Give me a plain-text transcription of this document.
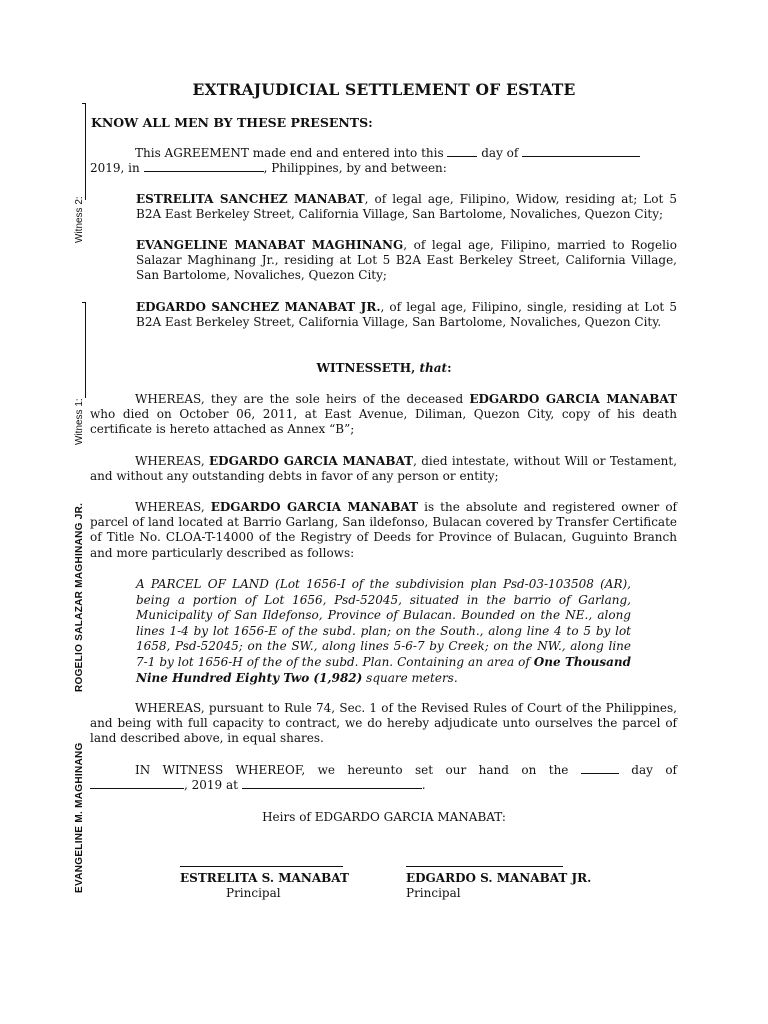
Witness 2:
Witness 1:
ROGELIO SALAZAR MAGHINANG JR.
EVANGELINE M. MAGHINANG
EXTRAJUDICIAL SETTLEMENT OF ESTATE
KNOW ALL MEN BY THESE PRESENTS:
This AGREEMENT made end and entered into this	day of
2019, in	, Philippines, by and between:
ESTRELITA SANCHEZ MANABAT, of legal age, Filipino, Widow, residing at; Lot 5 B2A East Berkeley Street, California Village, San Bartolome, Novaliches, Quezon City;
EVANGELINE MANABAT MAGHINANG, of legal age, Filipino, married to Rogelio Salazar Maghinang Jr., residing at Lot 5 B2A East Berkeley Street, California Village, San Bartolome, Novaliches, Quezon City;
EDGARDO SANCHEZ MANABAT JR., of legal age, Filipino, single, residing at Lot 5 B2A East Berkeley Street, California Village, San Bartolome, Novaliches, Quezon City.
WITNESSETH, that:
WHEREAS, they are the sole heirs of the deceased EDGARDO GARCIA MANABAT who died on October 06, 2011, at East Avenue, Diliman, Quezon City, copy of his death certificate is hereto attached as Annex “B”;
WHEREAS, EDGARDO GARCIA MANABAT, died intestate, without Will or Testament, and without any outstanding debts in favor of any person or entity;
WHEREAS, EDGARDO GARCIA MANABAT is the absolute and registered owner of parcel of land located at Barrio Garlang, San ildefonso, Bulacan covered by Transfer Certificate of Title No. CLOA-T-14000 of the Registry of Deeds for Province of Bulacan, Guguinto Branch and more particularly described as follows:
A PARCEL OF LAND (Lot 1656-I of the subdivision plan Psd-03-103508 (AR), being a portion of Lot 1656, Psd-52045, situated in the barrio of Garlang, Municipality of San Ildefonso, Province of Bulacan. Bounded on the NE., along lines 1-4 by lot 1656-E of the subd. plan; on the South., along line 4 to 5 by lot 1658, Psd-52045; on the SW., along lines 5-6-7 by Creek; on the NW., along line 7-1 by lot 1656-H of the of the subd. Plan. Containing an area of One Thousand Nine Hundred Eighty Two (1,982) square meters.
WHEREAS, pursuant to Rule 74, Sec. 1 of the Revised Rules of Court of the Philippines, and being with full capacity to contract, we do hereby adjudicate unto ourselves the parcel of land described above, in equal shares.
IN WITNESS WHEREOF, we hereunto set our hand on the	day of
, 2019 at	.
Heirs of EDGARDO GARCIA MANABAT:
ESTRELITA S. MANABAT
Principal
EDGARDO S. MANABAT JR.
Principal
